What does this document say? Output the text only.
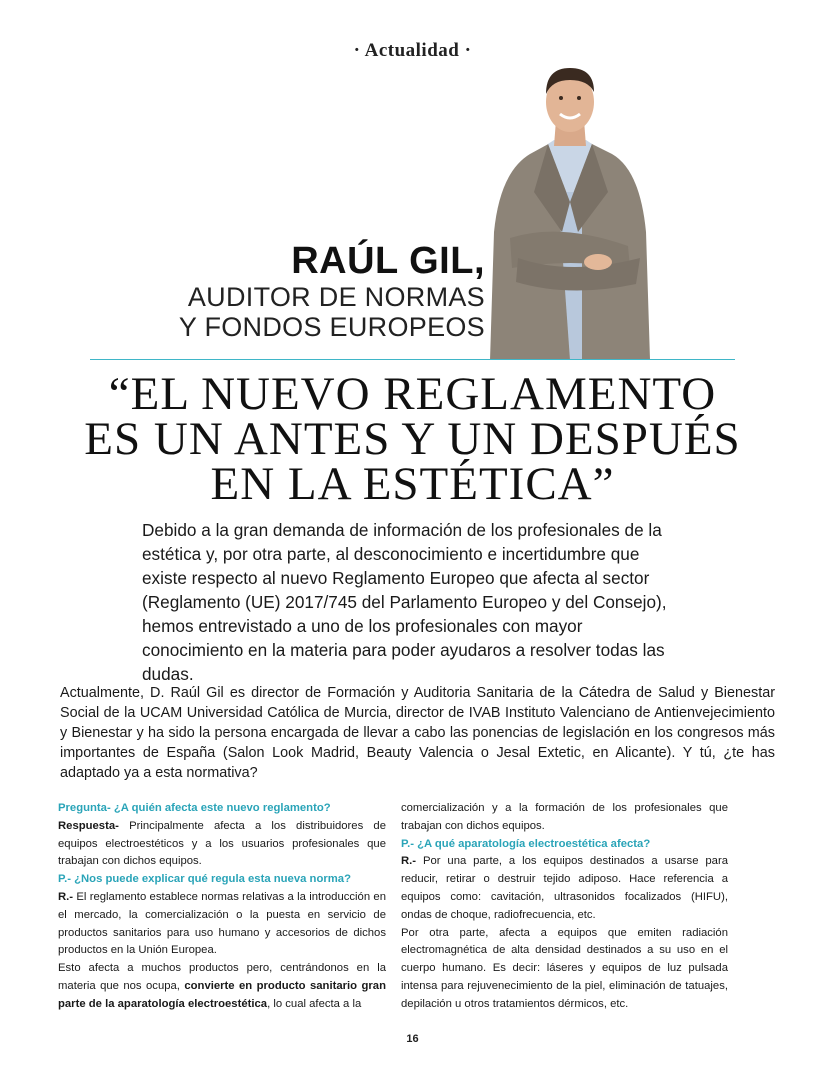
· Actualidad ·
RAÚL GIL,
AUDITOR DE NORMAS
Y FONDOS EUROPEOS
“EL NUEVO REGLAMENTO
ES UN ANTES Y UN DESPUÉS
EN LA ESTÉTICA”
Debido a la gran demanda de información de los profesionales de la estética y, por otra parte, al desconocimiento e incertidumbre que existe respecto al nuevo Reglamento Europeo que afecta al sector (Reglamento (UE) 2017/745 del Parlamento Europeo y del Consejo), hemos entrevistado a uno de los profesionales con mayor conocimiento en la materia para poder ayudaros a resolver todas las dudas.
Actualmente, D. Raúl Gil es director de Formación y Auditoria Sanitaria de la Cátedra de Salud y Bienestar Social de la UCAM Universidad Católica de Murcia, director de IVAB Instituto Valenciano de Antienvejecimiento y Bienestar y ha sido la persona encargada de llevar a cabo las ponencias de legislación en los congresos más importantes de España (Salon Look Madrid, Beauty Valencia o Jesal Extetic, en Alicante). Y tú, ¿te has adaptado ya a esta normativa?

Pregunta- ¿A quién afecta este nuevo reglamento?

Respuesta- Principalmente afecta a los distribuidores de equipos electroestéticos y a los usuarios profesionales que trabajan con dichos equipos.

P.- ¿Nos puede explicar qué regula esta nueva norma?

R.- El reglamento establece normas relativas a la introducción en el mercado, la comercialización o la puesta en servicio de productos sanitarios para uso humano y accesorios de dichos productos en la Unión Europea.

Esto afecta a muchos productos pero, centrándonos en la materia que nos ocupa, convierte en producto sanitario gran parte de la aparatología electroestética, lo cual afecta a la

comercialización y a la formación de los profesionales que trabajan con dichos equipos.

P.- ¿A qué aparatología electroestética afecta?

R.- Por una parte, a los equipos destinados a usarse para reducir, retirar o destruir tejido adiposo. Hace referencia a equipos como: cavitación, ultrasonidos focalizados (HIFU), ondas de choque, radiofrecuencia, etc.

Por otra parte, afecta a equipos que emiten radiación electromagnética de alta densidad destinados a su uso en el cuerpo humano. Es decir: láseres y equipos de luz pulsada intensa para rejuvenecimiento de la piel, eliminación de tatuajes, depilación u otros tratamientos dérmicos, etc.

16
